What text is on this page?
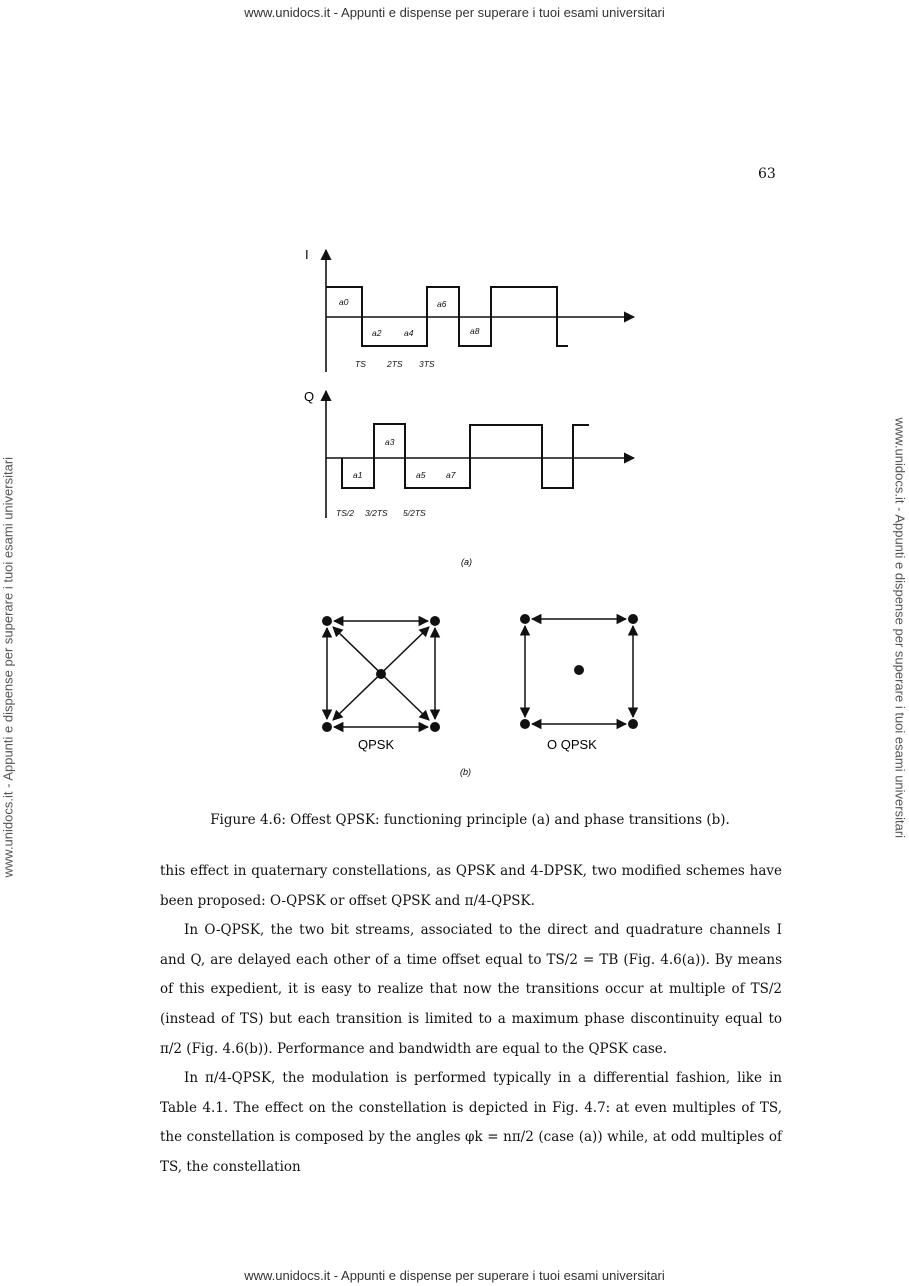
www.unidocs.it - Appunti e dispense per superare i tuoi esami universitari
www.unidocs.it - Appunti e dispense per superare i tuoi esami universitari
www.unidocs.it - Appunti e dispense per superare i tuoi esami universitari	www.unidocs.it - Appunti e dispense per superare i tuoi esami universitari
63
I
a0
a2	a4
a6
a8
TS 2TS 3TS
Q
a1
a3
a5 a7
TS/2 3/2TS 5/2TS
(a)
QPSK	O QPSK
(b)
Figure 4.6: Offest QPSK: functioning principle (a) and phase transitions (b).

this effect in quaternary constellations, as QPSK and 4-DPSK, two modified schemes have been proposed: O-QPSK or offset QPSK and π/4-QPSK.

In O-QPSK, the two bit streams, associated to the direct and quadrature channels I and Q, are delayed each other of a time offset equal to TS/2 = TB (Fig. 4.6(a)). By means of this expedient, it is easy to realize that now the transitions occur at multiple of TS/2 (instead of TS) but each transition is limited to a maximum phase discontinuity equal to π/2 (Fig. 4.6(b)). Performance and bandwidth are equal to the QPSK case.

In π/4-QPSK, the modulation is performed typically in a differential fashion, like in Table 4.1. The effect on the constellation is depicted in Fig. 4.7: at even multiples of TS, the constellation is composed by the angles φk = nπ/2 (case (a)) while, at odd multiples of TS, the constellation
